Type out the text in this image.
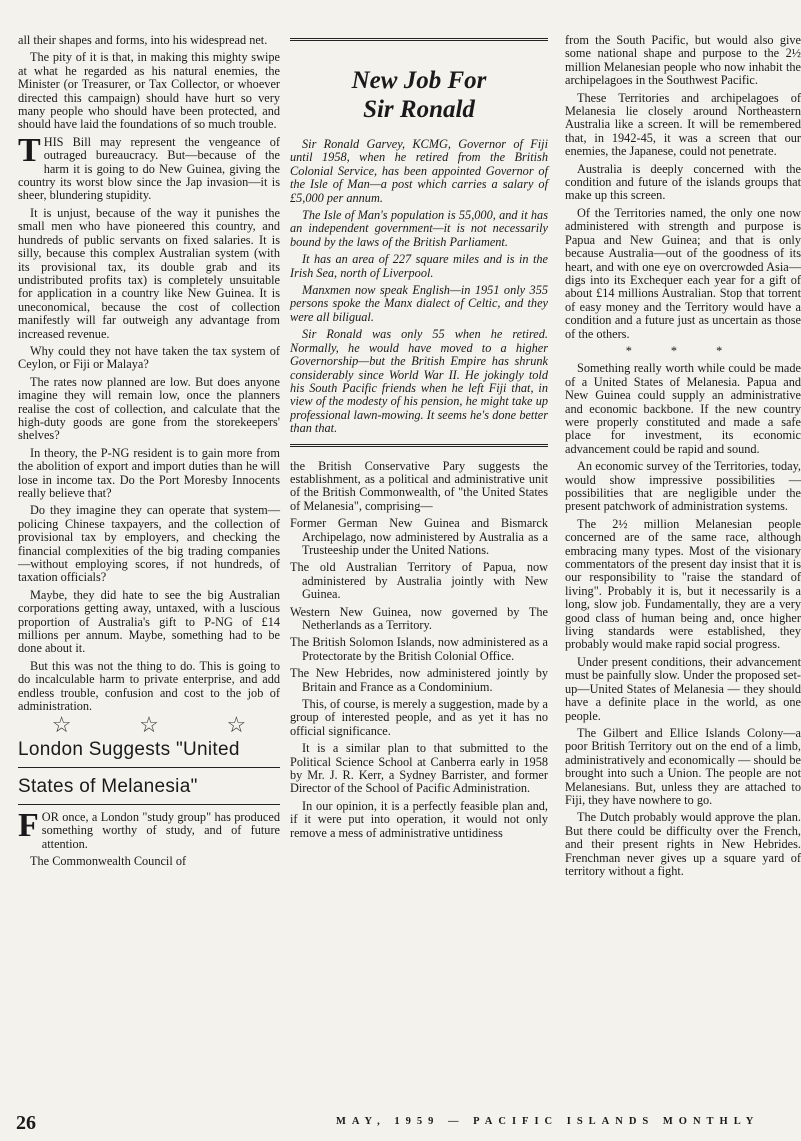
all their shapes and forms, into his widespread net.

The pity of it is that, in making this mighty swipe at what he regarded as his natural enemies, the Minister (or Treasurer, or Tax Collector, or whoever directed this campaign) should have hurt so very many people who should have been protected, and should have laid the foundations of so much trouble.

THIS Bill may represent the vengeance of outraged bureaucracy. But—because of the harm it is going to do New Guinea, giving the country its worst blow since the Jap invasion—it is sheer, blundering stupidity.

It is unjust, because of the way it punishes the small men who have pioneered this country, and hundreds of public servants on fixed salaries. It is silly, because this complex Australian system (with its provisional tax, its double grab and its undistributed profits tax) is completely unsuitable for application in a country like New Guinea. It is uneconomical, because the cost of collection manifestly will far outweigh any advantage from increased revenue.

Why could they not have taken the tax system of Ceylon, or Fiji or Malaya?

The rates now planned are low. But does anyone imagine they will remain low, once the planners realise the cost of collection, and calculate that the high-duty goods are gone from the storekeepers' shelves?

In theory, the P-NG resident is to gain more from the abolition of export and import duties than he will lose in income tax. Do the Port Moresby Innocents really believe that?

Do they imagine they can operate that system—policing Chinese taxpayers, and the collection of provisional tax by employers, and checking the financial complexities of the big trading companies—without employing scores, if not hundreds, of taxation officials?

Maybe, they did hate to see the big Australian corporations getting away, untaxed, with a luscious proportion of Australia's gift to P-NG of £14 millions per annum. Maybe, something had to be done about it.

But this was not the thing to do. This is going to do incalculable harm to private enterprise, and add endless trouble, confusion and cost to the job of administration.

☆	☆	☆
London Suggests "United
States of Melanesia"

FOR once, a London "study group" has produced something worthy of study, and of future attention.

The Commonwealth Council of

New Job For
Sir Ronald

Sir Ronald Garvey, KCMG, Governor of Fiji until 1958, when he retired from the British Colonial Service, has been appointed Governor of the Isle of Man—a post which carries a salary of £5,000 per annum.

The Isle of Man's population is 55,000, and it has an independent government—it is not necessarily bound by the laws of the British Parliament.

It has an area of 227 square miles and is in the Irish Sea, north of Liverpool.

Manxmen now speak English—in 1951 only 355 persons spoke the Manx dialect of Celtic, and they were all biligual.

Sir Ronald was only 55 when he retired. Normally, he would have moved to a higher Governorship—but the British Empire has shrunk considerably since World War II. He jokingly told his South Pacific friends when he left Fiji that, in view of the modesty of his pension, he might take up professional lawn-mowing. It seems he's done better than that.

the British Conservative Pary suggests the establishment, as a political and administrative unit of the British Commonwealth, of "the United States of Melanesia", comprising—

Former German New Guinea and Bismarck Archipelago, now administered by Australia as a Trusteeship under the United Nations.

The old Australian Territory of Papua, now administered by Australia jointly with New Guinea.

Western New Guinea, now governed by The Netherlands as a Territory.

The British Solomon Islands, now administered as a Protectorate by the British Colonial Office.

The New Hebrides, now administered jointly by Britain and France as a Condominium.

This, of course, is merely a suggestion, made by a group of interested people, and as yet it has no official significance.

It is a similar plan to that submitted to the Political Science School at Canberra early in 1958 by Mr. J. R. Kerr, a Sydney Barrister, and former Director of the School of Pacific Administration.

In our opinion, it is a perfectly feasible plan and, if it were put into operation, it would not only remove a mess of administrative untidiness

from the South Pacific, but would also give some national shape and purpose to the 2½ million Melanesian people who now inhabit the archipelagoes in the Southwest Pacific.

These Territories and archipelagoes of Melanesia lie closely around Northeastern Australia like a screen. It will be remembered that, in 1942-45, it was a screen that our enemies, the Japanese, could not penetrate.

Australia is deeply concerned with the condition and future of the islands groups that make up this screen.

Of the Territories named, the only one now administered with strength and purpose is Papua and New Guinea; and that is only because Australia—out of the goodness of its heart, and with one eye on overcrowded Asia—digs into its Exchequer each year for a gift of about £14 millions Australian. Stop that torrent of easy money and the Territory would have a condition and a future just as uncertain as those of the others.

* * *

Something really worth while could be made of a United States of Melanesia. Papua and New Guinea could supply an administrative and economic backbone. If the new country were properly constituted and made a safe place for investment, its economic advancement could be rapid and sound.

An economic survey of the Territories, today, would show impressive possibilities — possibilities that are negligible under the present patchwork of administration systems.

The 2½ million Melanesian people concerned are of the same race, although embracing many types. Most of the visionary commentators of the present day insist that it is our responsibility to "raise the standard of living". Probably it is, but it necessarily is a long, slow job. Fundamentally, they are a very good class of human being and, once higher living standards were established, they probably would make rapid social progress.

Under present conditions, their advancement must be painfully slow. Under the proposed set-up—United States of Melanesia — they should have a definite place in the world, as one people.

The Gilbert and Ellice Islands Colony—a poor British Territory out on the end of a limb, administratively and economically — should be brought into such a Union. The people are not Melanesians. But, unless they are attached to Fiji, they have nowhere to go.

The Dutch probably would approve the plan. But there could be difficulty over the French, and their present rights in New Hebrides. Frenchman never gives up a square yard of territory without a fight.

26	MAY, 1959 — PACIFIC ISLANDS MONTHLY
